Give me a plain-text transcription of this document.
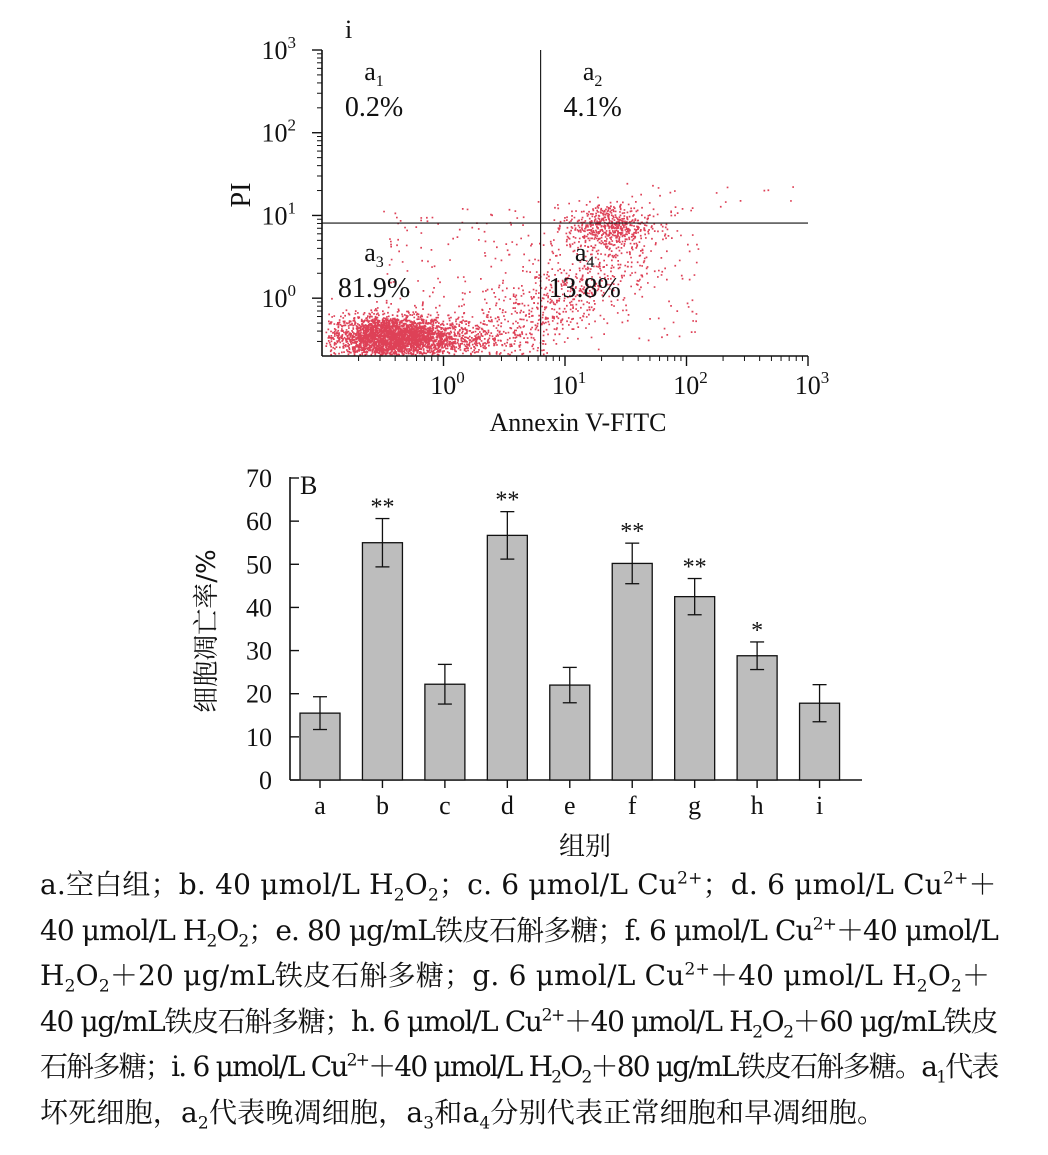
i
$10^0$	$10^1$	$10^2$	$10^3$
$10^0$
$10^1$
$10^2$
$10^3$
$a_1$
0.2%
$a_2$
4.1%
$a_3$
81.9%
$a_4$
13.8%
PI
Annexin V-FITC
0
10
20
30
40
50
60
70
a b c d e f g h i
**	**
**
**
*
B
细胞凋亡率/%
组别
a.空白组；b. 40 μmol/L $H_2O_2$；c. 6 μmol/L $Cu^{2+}$；d. 6 μmol/L $Cu^{2+}+$
40 μmol/L $H_2O_2$；e. 80 μg/mL铁皮石斛多糖；f. 6 μmol/L $Cu^{2+}+40$ μmol/L
$H_2O_2+20$ μg/mL铁皮石斛多糖；g. 6 μmol/L $Cu^{2+}+40$ μmol/L $H_2O_2+$
40 μg/mL铁皮石斛多糖；h. 6 μmol/L $Cu^{2+}+40$ μmol/L $H_2O_2+60$ μg/mL铁皮
石斛多糖；i. 6 μmol/L $Cu^{2+}+40$ μmol/L $H_2O_2+80$ μg/mL铁皮石斛多糖。$a_1$代表
坏死细胞，$a_2$代表晚凋细胞，$a_3$和$a_4$分别代表正常细胞和早凋细胞。
